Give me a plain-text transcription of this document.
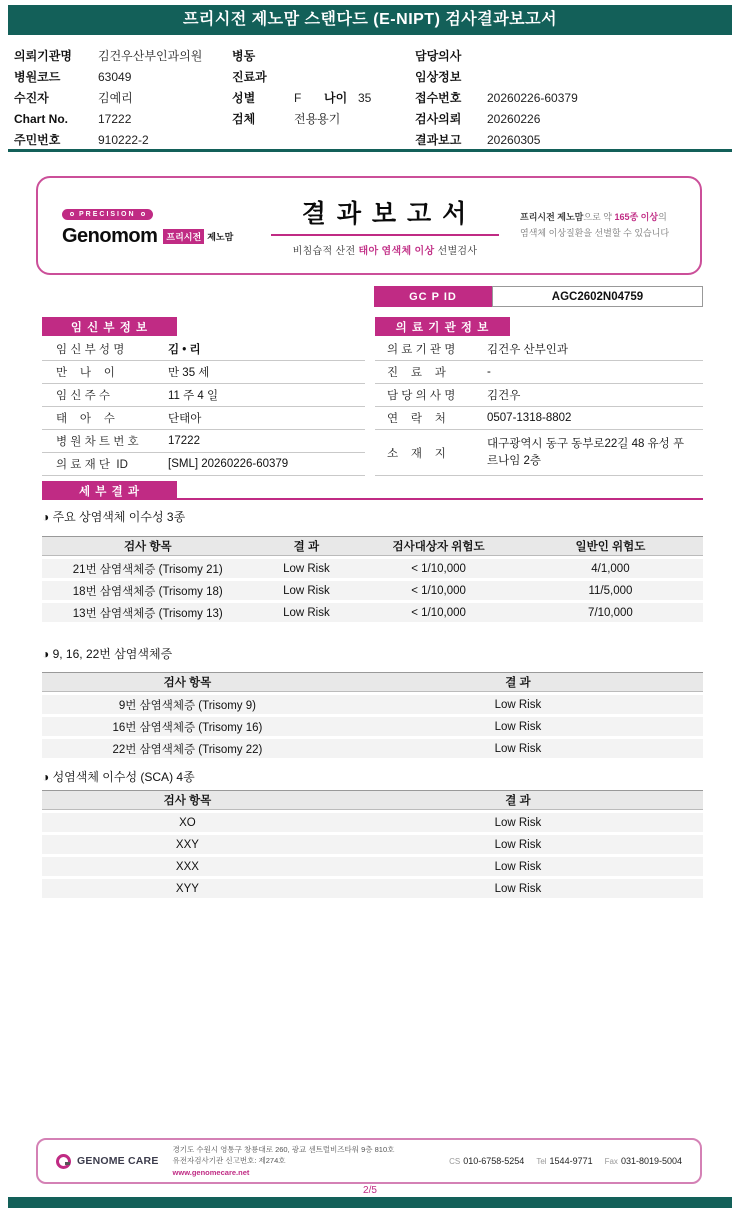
프리시전 제노맘 스탠다드 (E-NIPT) 검사결과보고서
의뢰기관명	김건우산부인과의원
병원코드	63049
수진자	김예리
Chart No.	17222
주민번호	910222-2
병동
진료과
성별	F	나이 35
검체	전용용기
담당의사
임상정보
접수번호	20260226-60379
검사의뢰	20260226
결과보고	20260305
PRECISION
Genomom	프리시전 제노맘
결 과 보 고 서
비침습적 산전 태아 염색체 이상 선별검사
프리시전 제노맘으로 약 165종 이상의
염색체 이상질환을 선별할 수 있습니다
GC P ID	AGC2602N04759
임 신 부 정 보
임 신 부 성 명	김 • 리
만    나    이	만 35 세
임 신 주 수	11 주 4 일
태    아    수	단태아
병 원 차 트 번 호	17222
의 료 재 단  ID	[SML] 20260226-60379
의 료 기 관 정 보
의 료 기 관 명	김건우 산부인과
진    료    과	-
담 당 의 사 명	김건우
연    락    처	0507-1318-8802
소    재    지
대구광역시 동구 동부로22길 48 유성 푸르나임 2층
세 부 결 과
◑ 주요 상염색체 이수성 3종
검사 항목	결 과	검사대상자 위험도	일반인 위험도
21번 삼염색체증 (Trisomy 21)	Low Risk	< 1/10,000	4/1,000
18번 삼염색체증 (Trisomy 18)	Low Risk	< 1/10,000	11/5,000
13번 삼염색체증 (Trisomy 13)	Low Risk	< 1/10,000	7/10,000
◑ 9, 16, 22번 삼염색체증
검사 항목	결 과
9번 삼염색체증 (Trisomy 9)	Low Risk
16번 삼염색체증 (Trisomy 16)	Low Risk
22번 삼염색체증 (Trisomy 22)	Low Risk
◑ 성염색체 이수성 (SCA) 4종
검사 항목	결 과
XO	Low Risk
XXY	Low Risk
XXX	Low Risk
XYY	Low Risk
GENOME CARE
경기도 수원시 영통구 창룡대로 260, 광교 센트럴비즈타워 9층 810호
유전자검사기관 신고번호: 제274호
www.genomecare.net
CS 010-6758-5254 Tel 1544-9771 Fax 031-8019-5004
2/5
